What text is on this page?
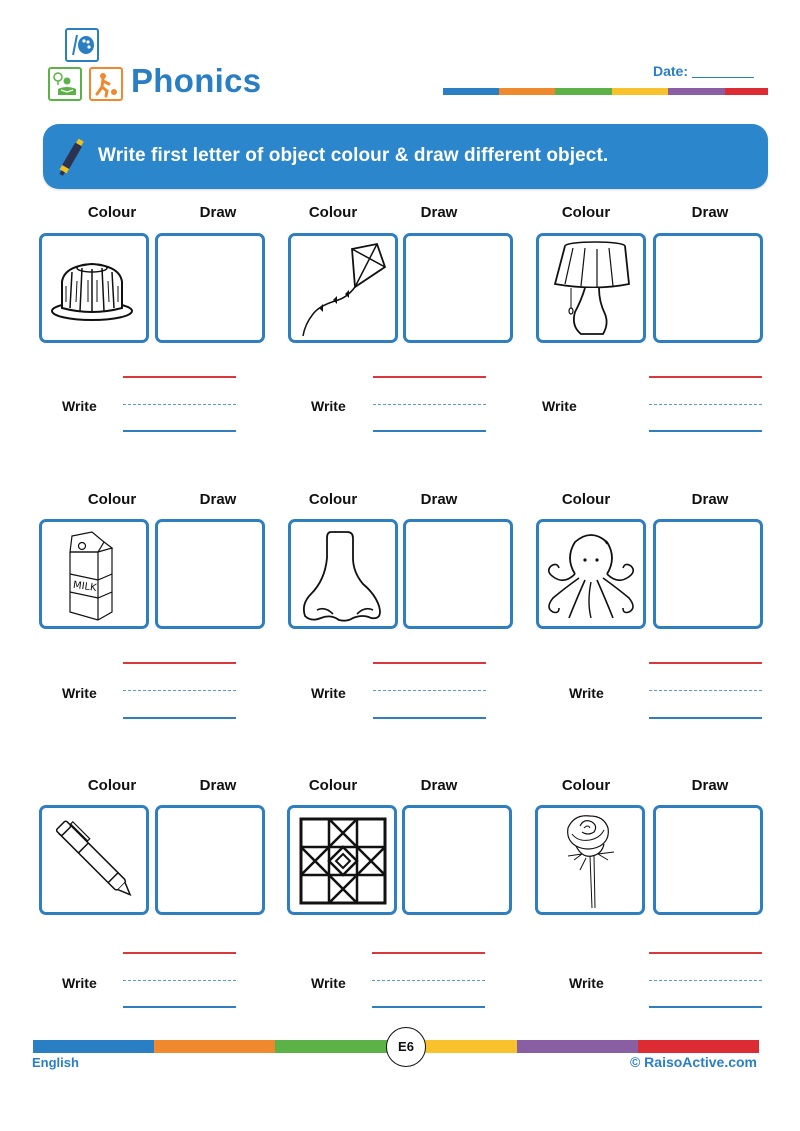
Phonics	Date:
Write first letter of object colour & draw different object.
Colour	Draw	Colour	Draw	Colour	Draw
Write	Write	Write
Colour	Draw	Colour	Draw	Colour	Draw
MILK
Write	Write	Write
Colour	Draw	Colour	Draw	Colour	Draw
Write	Write	Write
E6
English	© RaisoActive.com
